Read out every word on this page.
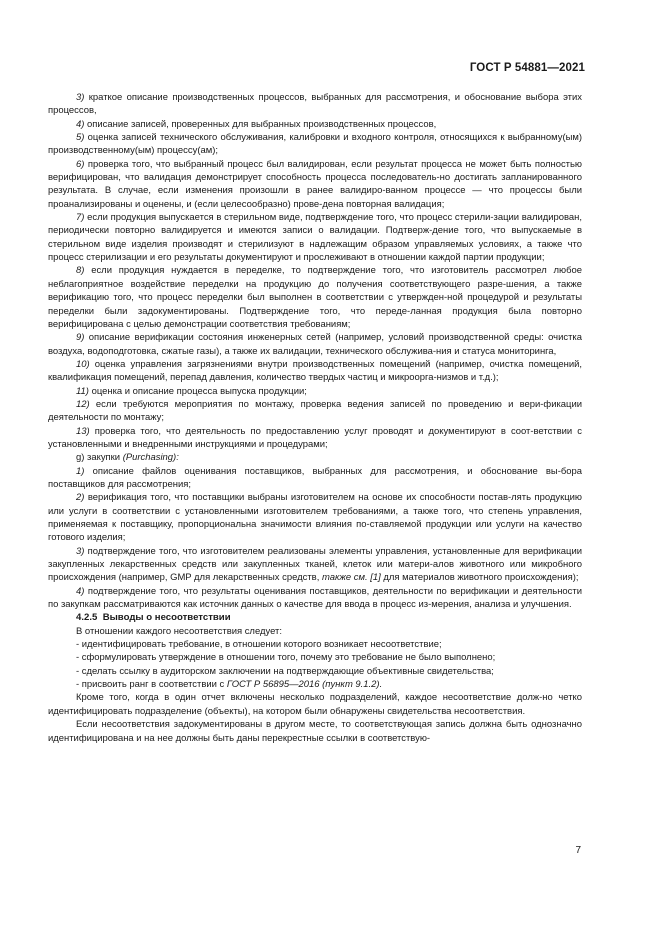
ГОСТ Р 54881—2021

3) краткое описание производственных процессов, выбранных для рассмотрения, и обоснование выбора этих процессов,

4) описание записей, проверенных для выбранных производственных процессов,

5) оценка записей технического обслуживания, калибровки и входного контроля, относящихся к выбранному(ым) производственному(ым) процессу(ам);

6) проверка того, что выбранный процесс был валидирован, если результат процесса не может быть полностью верифицирован, что валидация демонстрирует способность процесса последователь-но достигать запланированного результата. В случае, если изменения произошли в ранее валидиро-ванном процессе — что процессы были проанализированы и оценены, и (если целесообразно) прове-дена повторная валидация;

7) если продукция выпускается в стерильном виде, подтверждение того, что процесс стерили-зации валидирован, периодически повторно валидируется и имеются записи о валидации. Подтверж-дение того, что выпускаемые в стерильном виде изделия производят и стерилизуют в надлежащим образом управляемых условиях, а также что процесс стерилизации и его результаты документируют и прослеживают в отношении каждой партии продукции;

8) если продукция нуждается в переделке, то подтверждение того, что изготовитель рассмотрел любое неблагоприятное воздействие переделки на продукцию до получения соответствующего разре-шения, а также верификацию того, что процесс переделки был выполнен в соответствии с утвержден-ной процедурой и результаты переделки были задокументированы. Подтверждение того, что переде-ланная продукция была повторно верифицирована с целью демонстрации соответствия требованиям;

9) описание верификации состояния инженерных сетей (например, условий производственной среды: очистка воздуха, водоподготовка, сжатые газы), а также их валидации, технического обслужива-ния и статуса мониторинга,

10) оценка управления загрязнениями внутри производственных помещений (например, очистка помещений, квалификация помещений, перепад давления, количество твердых частиц и микроорга-низмов и т.д.);

11) оценка и описание процесса выпуска продукции;

12) если требуются мероприятия по монтажу, проверка ведения записей по проведению и вери-фикации деятельности по монтажу;

13) проверка того, что деятельность по предоставлению услуг проводят и документируют в соот-ветствии с установленными и внедренными инструкциями и процедурами;

g) закупки (Purchasing):

1) описание файлов оценивания поставщиков, выбранных для рассмотрения, и обоснование вы-бора поставщиков для рассмотрения;

2) верификация того, что поставщики выбраны изготовителем на основе их способности постав-лять продукцию или услуги в соответствии с установленными изготовителем требованиями, а также того, что степень управления, применяемая к поставщику, пропорциональна значимости влияния по-ставляемой продукции или услуги на качество готового изделия;

3) подтверждение того, что изготовителем реализованы элементы управления, установленные для верификации закупленных лекарственных средств или закупленных тканей, клеток или матери-алов животного или микробного происхождения (например, GMP для лекарственных средств, также см. [1] для материалов животного происхождения);

4) подтверждение того, что результаты оценивания поставщиков, деятельности по верификации и деятельности по закупкам рассматриваются как источник данных о качестве для ввода в процесс из-мерения, анализа и улучшения.

4.2.5 Выводы о несоответствии

В отношении каждого несоответствия следует:

- идентифицировать требование, в отношении которого возникает несоответствие;

- сформулировать утверждение в отношении того, почему это требование не было выполнено;

- сделать ссылку в аудиторском заключении на подтверждающие объективные свидетельства;

- присвоить ранг в соответствии с ГОСТ Р 56895—2016 (пункт 9.1.2).

Кроме того, когда в один отчет включены несколько подразделений, каждое несоответствие долж-но четко идентифицировать подразделение (объекты), на котором были обнаружены свидетельства несоответствия.

Если несоответствия задокументированы в другом месте, то соответствующая запись должна быть однозначно идентифицирована и на нее должны быть даны перекрестные ссылки в соответствую-

7
